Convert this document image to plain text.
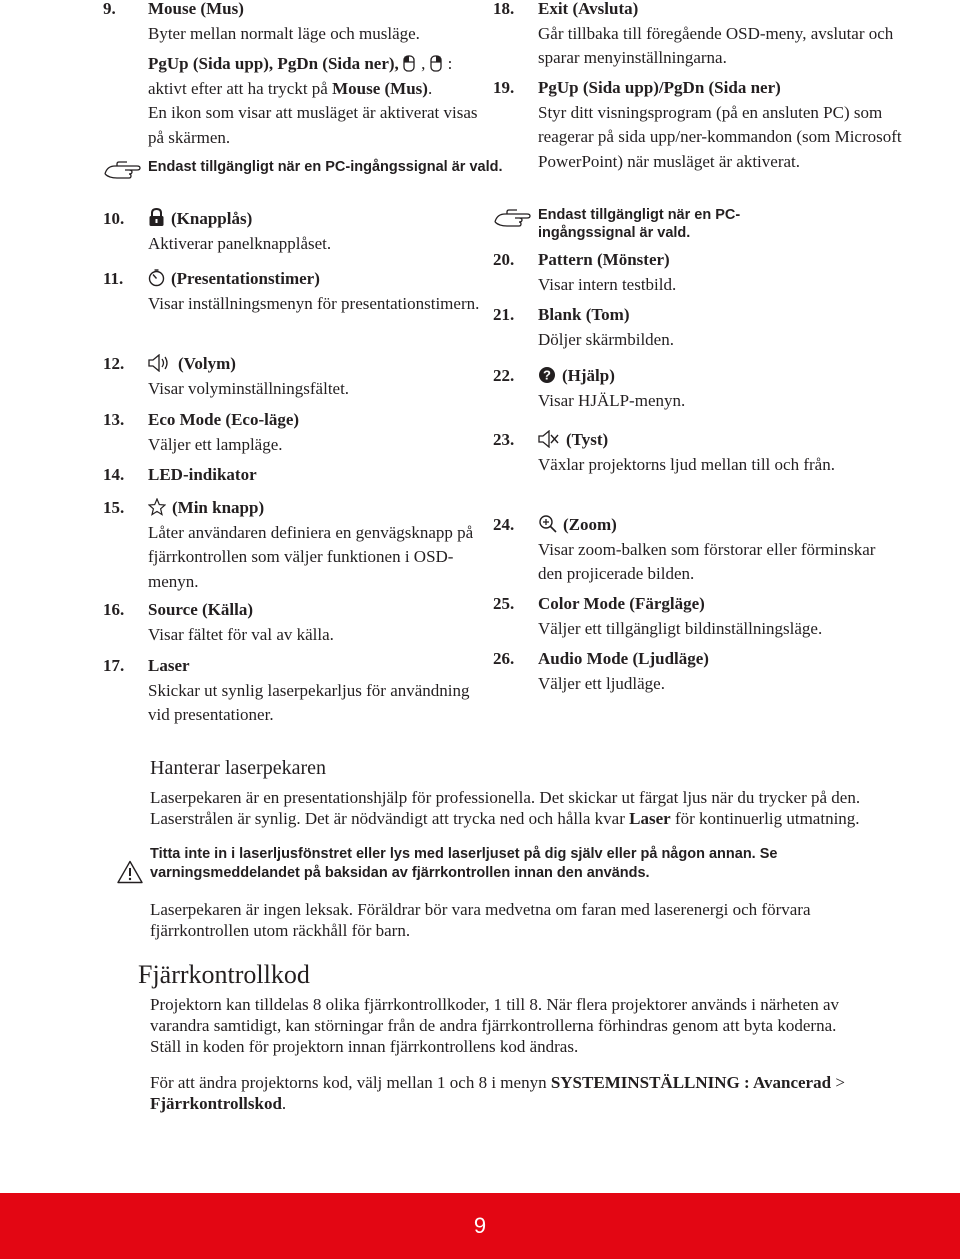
9. Mouse (Mus)
Byter mellan normalt läge och musläge.
PgUp (Sida upp), PgDn (Sida ner), , : aktivt efter att ha tryckt på Mouse (Mus).
En ikon som visar att musläget är aktiverat visas på skärmen.
Endast tillgängligt när en PC-ingångssignal är vald.
10.	(Knapplås)
Aktiverar panelknapplåset.
11.	(Presentationstimer)
Visar inställningsmenyn för presentationstimern.
12.	(Volym)
Visar volyminställningsfältet.
13. Eco Mode (Eco-läge)
Väljer ett lampläge.
14. LED-indikator
15.	(Min knapp)
Låter användaren definiera en genvägsknapp på fjärrkontrollen som väljer funktionen i OSD-menyn.
16. Source (Källa)
Visar fältet för val av källa.
17. Laser
Skickar ut synlig laserpekarljus för användning vid presentationer.
18. Exit (Avsluta)
Går tillbaka till föregående OSD-meny, avslutar och sparar menyinställningarna.
19. PgUp (Sida upp)/PgDn (Sida ner)
Styr ditt visningsprogram (på en ansluten PC) som reagerar på sida upp/ner-kommandon (som Microsoft PowerPoint) när musläget är aktiverat.
Endast tillgängligt när en PC-ingångssignal är vald.
20. Pattern (Mönster)
Visar intern testbild.
21. Blank (Tom)
Döljer skärmbilden.
22. ? (Hjälp)
Visar HJÄLP-menyn.
23.	(Tyst)
Växlar projektorns ljud mellan till och från.
24.	(Zoom)
Visar zoom-balken som förstorar eller förminskar den projicerade bilden.
25. Color Mode (Färgläge)
Väljer ett tillgängligt bildinställningsläge.
26. Audio Mode (Ljudläge)
Väljer ett ljudläge.
Hanterar laserpekaren

Laserpekaren är en presentationshjälp för professionella. Det skickar ut färgat ljus när du trycker på den. Laserstrålen är synlig. Det är nödvändigt att trycka ned och hålla kvar Laser för kontinuerlig utmatning.

Titta inte in i laserljusfönstret eller lys med laserljuset på dig själv eller på någon annan. Se varningsmeddelandet på baksidan av fjärrkontrollen innan den används.

Laserpekaren är ingen leksak. Föräldrar bör vara medvetna om faran med laserenergi och förvara fjärrkontrollen utom räckhåll för barn.

Fjärrkontrollkod

Projektorn kan tilldelas 8 olika fjärrkontrollkoder, 1 till 8. När flera projektorer används i närheten av varandra samtidigt, kan störningar från de andra fjärrkontrollerna förhindras genom att byta koderna. Ställ in koden för projektorn innan fjärrkontrollens kod ändras.

För att ändra projektorns kod, välj mellan 1 och 8 i menyn SYSTEMINSTÄLLNING : Avancerad > Fjärrkontrollskod.

9
